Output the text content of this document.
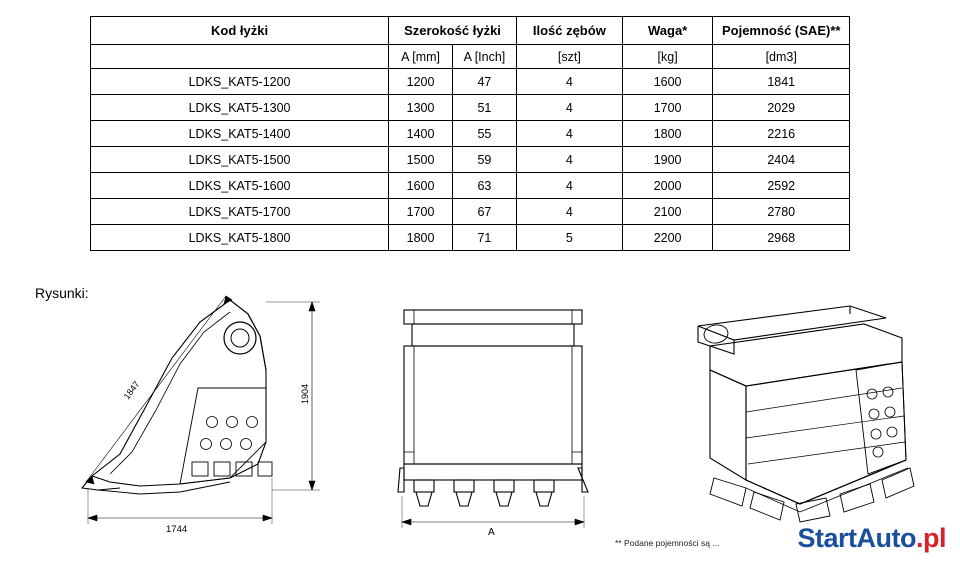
Kod łyżki	Szerokość łyżki		Ilość zębów	Waga*	Pojemność (SAE)**
	A [mm]	A [Inch]	[szt]	[kg]	[dm3]
LDKS_KAT5-1200	1200	47	4	1600	1841
LDKS_KAT5-1300	1300	51	4	1700	2029
LDKS_KAT5-1400	1400	55	4	1800	2216
LDKS_KAT5-1500	1500	59	4	1900	2404
LDKS_KAT5-1600	1600	63	4	2000	2592
LDKS_KAT5-1700	1700	67	4	2100	2780
LDKS_KAT5-1800	1800	71	5	2200	2968
Rysunki:
1847	1904
1744	A
** Podane pojemności są ...	StartAuto.pl
